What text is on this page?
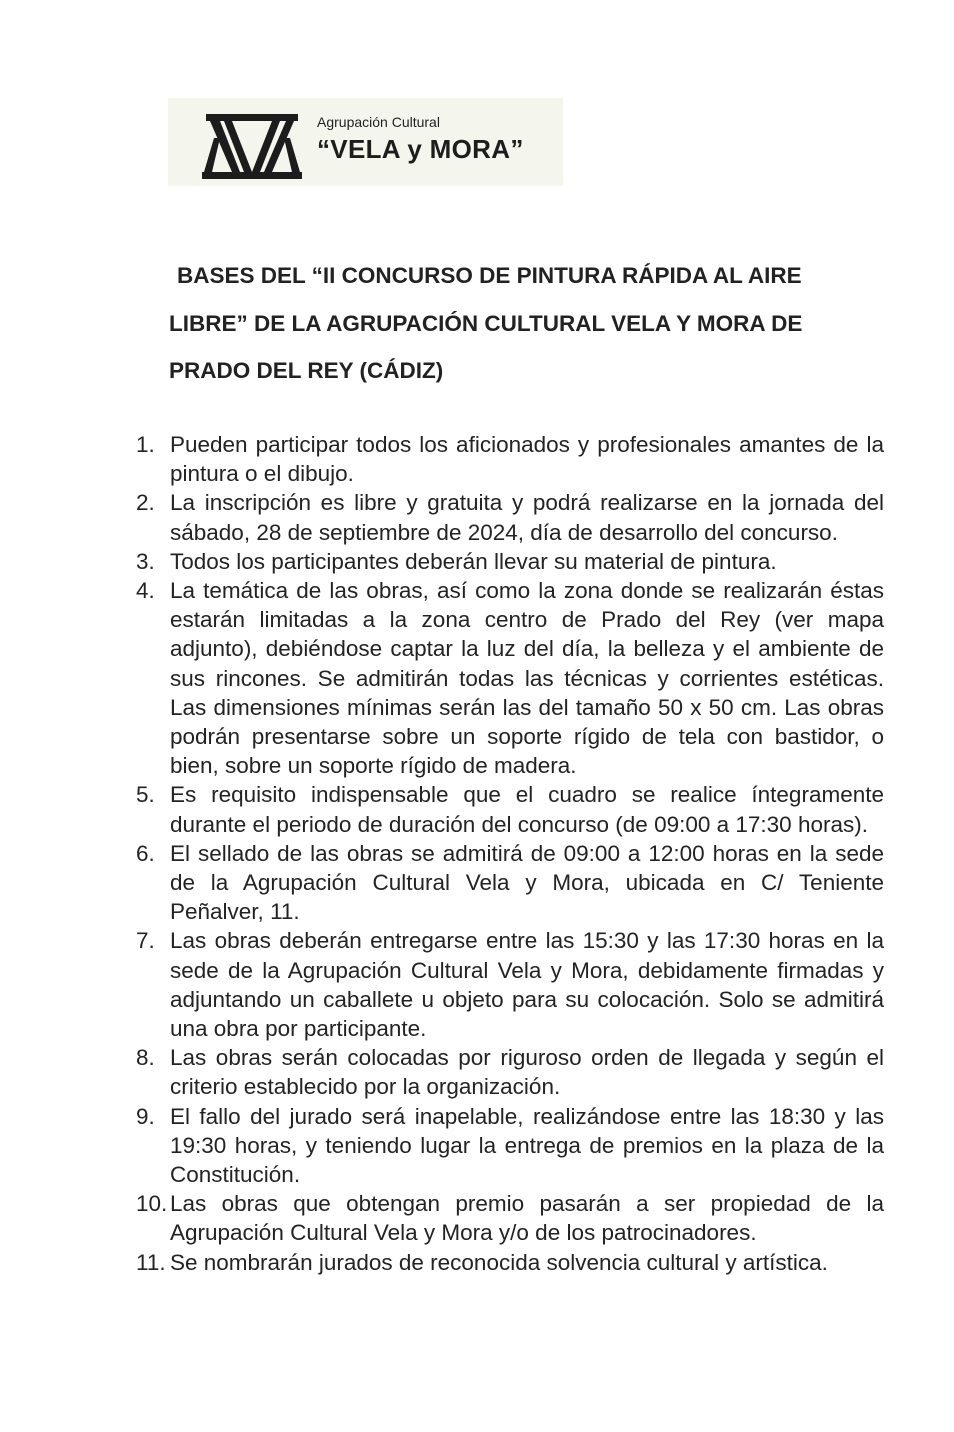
Agrupación Cultural
“VELA y MORA”
BASES DEL “II CONCURSO DE PINTURA RÁPIDA AL AIRE
LIBRE” DE LA AGRUPACIÓN CULTURAL VELA Y MORA DE
PRADO DEL REY (CÁDIZ)
1. Pueden participar todos los aficionados y profesionales amantes de la pintura o el dibujo.
2. La inscripción es libre y gratuita y podrá realizarse en la jornada del sábado, 28 de septiembre de 2024, día de desarrollo del concurso.
3. Todos los participantes deberán llevar su material de pintura.
4. La temática de las obras, así como la zona donde se realizarán éstas estarán limitadas a la zona centro de Prado del Rey (ver mapa adjunto), debiéndose captar la luz del día, la belleza y el ambiente de sus rincones. Se admitirán todas las técnicas y corrientes estéticas. Las dimensiones mínimas serán las del tamaño 50 x 50 cm. Las obras podrán presentarse sobre un soporte rígido de tela con bastidor, o bien, sobre un soporte rígido de madera.
5. Es requisito indispensable que el cuadro se realice íntegramente durante el periodo de duración del concurso (de 09:00 a 17:30 horas).
6. El sellado de las obras se admitirá de 09:00 a 12:00 horas en la sede de la Agrupación Cultural Vela y Mora, ubicada en C/ Teniente Peñalver, 11.
7. Las obras deberán entregarse entre las 15:30 y las 17:30 horas en la sede de la Agrupación Cultural Vela y Mora, debidamente firmadas y adjuntando un caballete u objeto para su colocación. Solo se admitirá una obra por participante.
8. Las obras serán colocadas por riguroso orden de llegada y según el criterio establecido por la organización.
9. El fallo del jurado será inapelable, realizándose entre las 18:30 y las 19:30 horas, y teniendo lugar la entrega de premios en la plaza de la Constitución.
10. Las obras que obtengan premio pasarán a ser propiedad de la Agrupación Cultural Vela y Mora y/o de los patrocinadores.
11. Se nombrarán jurados de reconocida solvencia cultural y artística.
